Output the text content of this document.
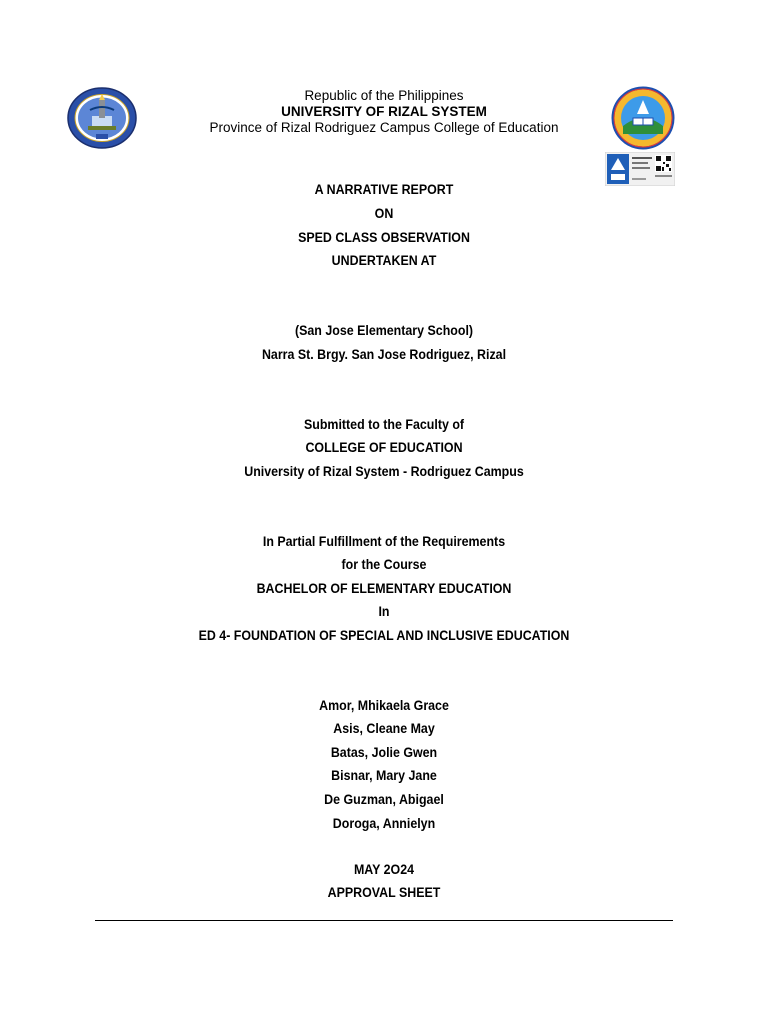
Republic of the Philippines
UNIVERSITY OF RIZAL SYSTEM
Province of Rizal Rodriguez Campus College of Education
A NARRATIVE REPORT
ON
SPED CLASS OBSERVATION
UNDERTAKEN AT
(San Jose Elementary School)
Narra St. Brgy. San Jose Rodriguez, Rizal
Submitted to the Faculty of
COLLEGE OF EDUCATION
University of Rizal System - Rodriguez Campus
In Partial Fulfillment of the Requirements
for the Course
BACHELOR OF ELEMENTARY EDUCATION
In
ED 4- FOUNDATION OF SPECIAL AND INCLUSIVE EDUCATION
Amor, Mhikaela Grace
Asis, Cleane May
Batas, Jolie Gwen
Bisnar, Mary Jane
De Guzman, Abigael
Doroga, Annielyn
MAY 2O24
APPROVAL SHEET
